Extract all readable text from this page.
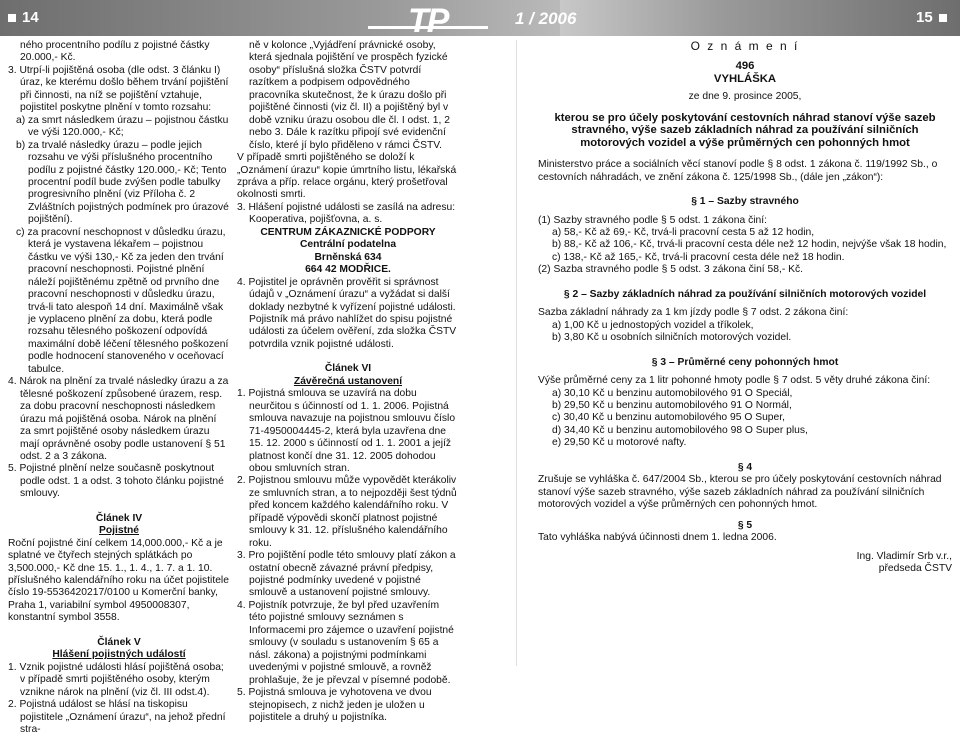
14	TP	1 / 2006	15

ného procentního podílu z pojistné částky 20.000,- Kč.

3. Utrpí-li pojištěná osoba (dle odst. 3 článku I) úraz, ke kterému došlo během trvání pojištění při činnosti, na níž se pojištění vztahuje, pojistitel poskytne plnění v tomto rozsahu:

a) za smrt následkem úrazu – pojistnou částku ve výši 120.000,- Kč;

b) za trvalé následky úrazu – podle jejich rozsahu ve výši příslušného procentního podílu z pojistné částky 120.000,- Kč; Tento procentní podíl bude zvýšen podle tabulky progresivního plnění (viz Příloha č. 2 Zvláštních pojistných podmínek pro úrazové pojištění).

c) za pracovní neschopnost v důsledku úrazu, která je vystavena lékařem – pojistnou částku ve výši 130,- Kč za jeden den trvání pracovní neschopnosti. Pojistné plnění náleží pojištěnému zpětně od prvního dne pracovní neschopnosti v důsledku úrazu, trvá-li tato alespoň 14 dní. Maximálně však je vyplaceno plnění za dobu, která podle rozsahu tělesného poškození odpovídá maximální době léčení tělesného poškození podle hodnocení stanoveného v oceňovací tabulce.

4. Nárok na plnění za trvalé následky úrazu a za tělesné poškození způsobené úrazem, resp. za dobu pracovní neschopnosti následkem úrazu má pojištěná osoba. Nárok na plnění za smrt pojištěné osoby následkem úrazu mají oprávněné osoby podle ustanovení § 51 odst. 2 a 3 zákona.

5. Pojistné plnění nelze současně poskytnout podle odst. 1 a odst. 3 tohoto článku pojistné smlouvy.

Článek IV

Pojistné

Roční pojistné činí celkem 14,000.000,- Kč a je splatné ve čtyřech stejných splátkách po 3,500.000,- Kč dne 15. 1., 1. 4., 1. 7. a 1. 10. příslušného kalendářního roku na účet pojistitele číslo 19-5536420217/0100 u Komerční banky, Praha 1, variabilní symbol 4950008307, konstantní symbol 3558.

Článek V

Hlášení pojistných událostí

1. Vznik pojistné události hlásí pojištěná osoba; v případě smrti pojištěného osoby, kterým vznikne nárok na plnění (viz čl. III odst.4).

2. Pojistná událost se hlásí na tiskopisu pojistitele „Oznámení úrazu“, na jehož přední stra-

ně v kolonce „Vyjádření právnické osoby, která sjednala pojištění ve prospěch fyzické osoby“ příslušná složka ČSTV potvrdí razítkem a podpisem odpovědného pracovníka skutečnost, že k úrazu došlo při pojištěné činnosti (viz čl. II) a pojištěný byl v době vzniku úrazu osobou dle čl. I odst. 1, 2 nebo 3. Dále k razítku připojí své evidenční číslo, které jí bylo přiděleno v rámci ČSTV.

V případě smrti pojištěného se doloží k „Oznámení úrazu“ kopie úmrtního listu, lékařská zpráva a příp. relace orgánu, který prošetřoval okolnosti smrti.

3. Hlášení pojistné události se zasílá na adresu: Kooperativa, pojišťovna, a. s.

CENTRUM ZÁKAZNICKÉ PODPORY

Centrální podatelna

Brněnská 634

664 42 MODŘICE.

4. Pojistitel je oprávněn prověřit si správnost údajů v „Oznámení úrazu“ a vyžádat si další doklady nezbytné k vyřízení pojistné události. Pojistník má právo nahlížet do spisu pojistné události za účelem ověření, zda složka ČSTV potvrdila vznik pojistné události.

Článek VI

Závěrečná ustanovení

1. Pojistná smlouva se uzavírá na dobu neurčitou s účinností od 1. 1. 2006. Pojistná smlouva navazuje na pojistnou smlouvu číslo 71-4950004445-2, která byla uzavřena dne 15. 12. 2000 s účinností od 1. 1. 2001 a jejíž platnost končí dne 31. 12. 2005 dohodou obou smluvních stran.

2. Pojistnou smlouvu může vypovědět kterákoliv ze smluvních stran, a to nejpozději šest týdnů před koncem každého kalendářního roku. V případě výpovědi skončí platnost pojistné smlouvy k 31. 12. příslušného kalendářního roku.

3. Pro pojištění podle této smlouvy platí zákon a ostatní obecně závazné právní předpisy, pojistné podmínky uvedené v pojistné smlouvě a ustanovení pojistné smlouvy.

4. Pojistník potvrzuje, že byl před uzavřením této pojistné smlouvy seznámen s Informacemi pro zájemce o uzavření pojistné smlouvy (v souladu s ustanovením § 65 a násl. zákona) a pojistnými podmínkami uvedenými v pojistné smlouvě, a rovněž prohlašuje, že je převzal v písemné podobě.

5. Pojistná smlouva je vyhotovena ve dvou stejnopisech, z nichž jeden je uložen u pojistitele a druhý u pojistníka.

O z n á m e n í

496

VYHLÁŠKA

ze dne 9. prosince 2005,

kterou se pro účely poskytování cestovních náhrad stanoví výše sazeb stravného, výše sazeb základních náhrad za používání silničních motorových vozidel a výše průměrných cen pohonných hmot

Ministerstvo práce a sociálních věcí stanoví podle § 8 odst. 1 zákona č. 119/1992 Sb., o cestovních náhradách, ve znění zákona č. 125/1998 Sb., (dále jen „zákon“):

§ 1 – Sazby stravného

(1) Sazby stravného podle § 5 odst. 1 zákona činí:

a) 58,- Kč až 69,- Kč, trvá-li pracovní cesta 5 až 12 hodin,

b) 88,- Kč až 106,- Kč, trvá-li pracovní cesta déle než 12 hodin, nejvýše však 18 hodin,

c) 138,- Kč až 165,- Kč, trvá-li pracovní cesta déle než 18 hodin.

(2) Sazba stravného podle § 5 odst. 3 zákona činí 58,- Kč.

§ 2 – Sazby základních náhrad za používání silničních motorových vozidel

Sazba základní náhrady za 1 km jízdy podle § 7 odst. 2 zákona činí:

a) 1,00 Kč u jednostopých vozidel a tříkolek,

b) 3,80 Kč u osobních silničních motorových vozidel.

§ 3 – Průměrné ceny pohonných hmot

Výše průměrné ceny za 1 litr pohonné hmoty podle § 7 odst. 5 věty druhé zákona činí:

a) 30,10 Kč u benzinu automobilového 91 O Speciál,

b) 29,50 Kč u benzinu automobilového 91 O Normál,

c) 30,40 Kč u benzinu automobilového 95 O Super,

d) 34,40 Kč u benzinu automobilového 98 O Super plus,

e) 29,50 Kč u motorové nafty.

§ 4

Zrušuje se vyhláška č. 647/2004 Sb., kterou se pro účely poskytování cestovních náhrad stanoví výše sazeb stravného, výše sazeb základních náhrad za používání silničních motorových vozidel a výše průměrných cen pohonných hmot.

§ 5

Tato vyhláška nabývá účinnosti dnem 1. ledna 2006.

Ing. Vladimír Srb v.r.,

předseda ČSTV
